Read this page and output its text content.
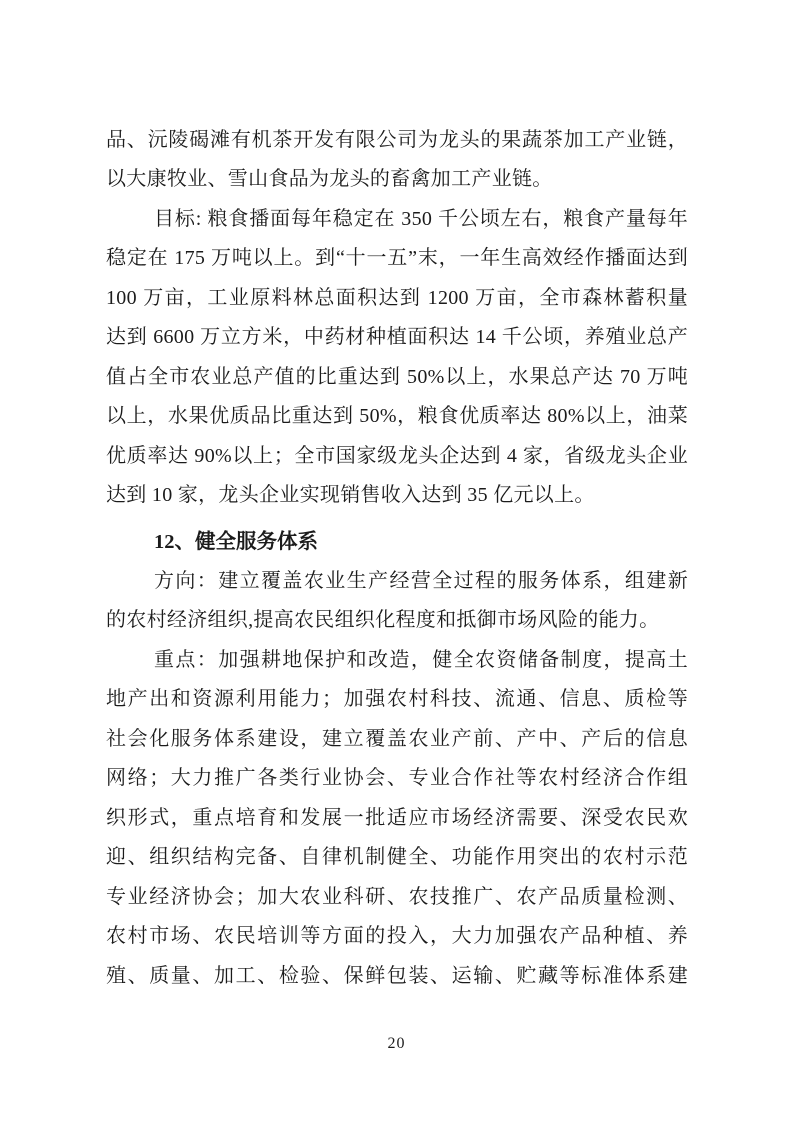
品、沅陵碣滩有机茶开发有限公司为龙头的果蔬茶加工产业链，

以大康牧业、雪山食品为龙头的畜禽加工产业链。

目标: 粮食播面每年稳定在 350 千公顷左右，粮食产量每年

稳定在 175 万吨以上。到“十一五”末，一年生高效经作播面达到

100 万亩，工业原料林总面积达到 1200 万亩，全市森林蓄积量

达到 6600 万立方米，中药材种植面积达 14 千公顷，养殖业总产

值占全市农业总产值的比重达到 50%以上，水果总产达 70 万吨

以上，水果优质品比重达到 50%，粮食优质率达 80%以上，油菜

优质率达 90%以上；全市国家级龙头企达到 4 家，省级龙头企业

达到 10 家，龙头企业实现销售收入达到 35 亿元以上。

12、健全服务体系

方向：建立覆盖农业生产经营全过程的服务体系，组建新

的农村经济组织,提高农民组织化程度和抵御市场风险的能力。

重点：加强耕地保护和改造，健全农资储备制度，提高土

地产出和资源利用能力；加强农村科技、流通、信息、质检等

社会化服务体系建设，建立覆盖农业产前、产中、产后的信息

网络；大力推广各类行业协会、专业合作社等农村经济合作组

织形式，重点培育和发展一批适应市场经济需要、深受农民欢

迎、组织结构完备、自律机制健全、功能作用突出的农村示范

专业经济协会；加大农业科研、农技推广、农产品质量检测、

农村市场、农民培训等方面的投入，大力加强农产品种植、养

殖、质量、加工、检验、保鲜包装、运输、贮藏等标准体系建

20
